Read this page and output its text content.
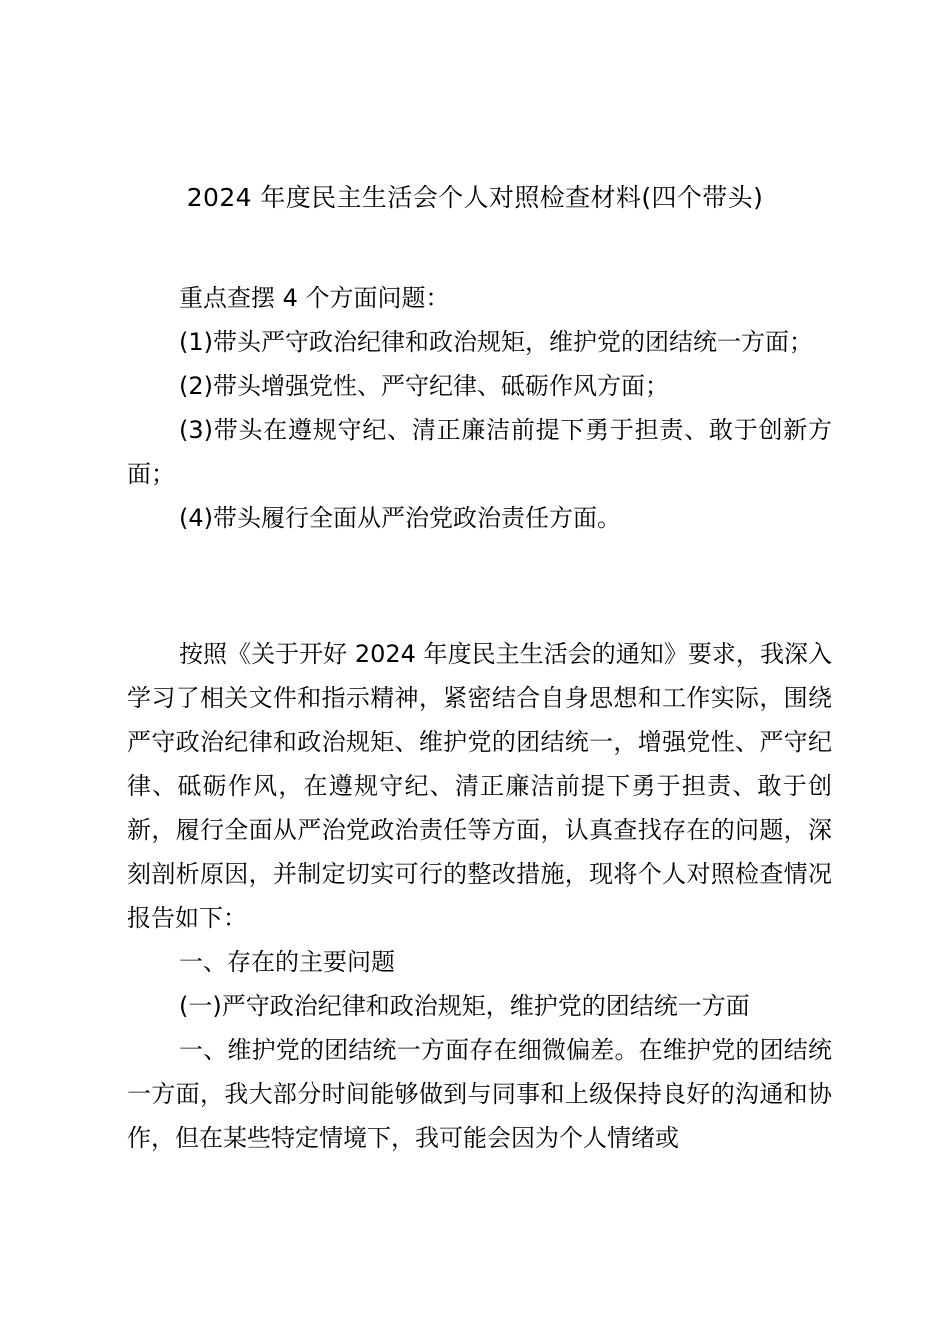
2024 年度民主生活会个人对照检查材料(四个带头)

重点查摆 4 个方面问题：

(1)带头严守政治纪律和政治规矩，维护党的团结统一方面；

(2)带头增强党性、严守纪律、砥砺作风方面；

(3)带头在遵规守纪、清正廉洁前提下勇于担责、敢于创新方面；

(4)带头履行全面从严治党政治责任方面。

按照《关于开好 2024 年度民主生活会的通知》要求，我深入学习了相关文件和指示精神，紧密结合自身思想和工作实际，围绕严守政治纪律和政治规矩、维护党的团结统一，增强党性、严守纪律、砥砺作风，在遵规守纪、清正廉洁前提下勇于担责、敢于创新，履行全面从严治党政治责任等方面，认真查找存在的问题，深刻剖析原因，并制定切实可行的整改措施，现将个人对照检查情况报告如下：

一、存在的主要问题

(一)严守政治纪律和政治规矩，维护党的团结统一方面

一、维护党的团结统一方面存在细微偏差。在维护党的团结统一方面，我大部分时间能够做到与同事和上级保持良好的沟通和协作，但在某些特定情境下，我可能会因为个人情绪或
